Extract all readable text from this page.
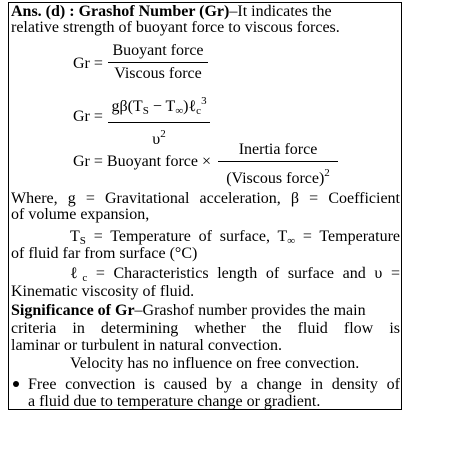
Ans. (d) : Grashof Number (Gr)–It indicates the
relative strength of buoyant force to viscous forces.
Gr =
Buoyant force
Viscous force
Gr =
$g\beta(T_S$ − $T_\infty)\ell_c^3$
$\upsilon^2$
Gr = Buoyant force ×
Inertia force
(Viscous force)$^2$
Where, g = Gravitational acceleration, β = Coefficient
of volume expansion,
$T_S$ = Temperature of surface, $T_\infty$ = Temperature
of fluid far from surface (°C)
ℓ$_c$ = Characteristics length of surface and υ =
Kinematic viscosity of fluid.
Significance of Gr–Grashof number provides the main
criteria in determining whether the fluid flow is
laminar or turbulent in natural convection.
Velocity has no influence on free convection.
Free convection is caused by a change in density of
a fluid due to temperature change or gradient.
